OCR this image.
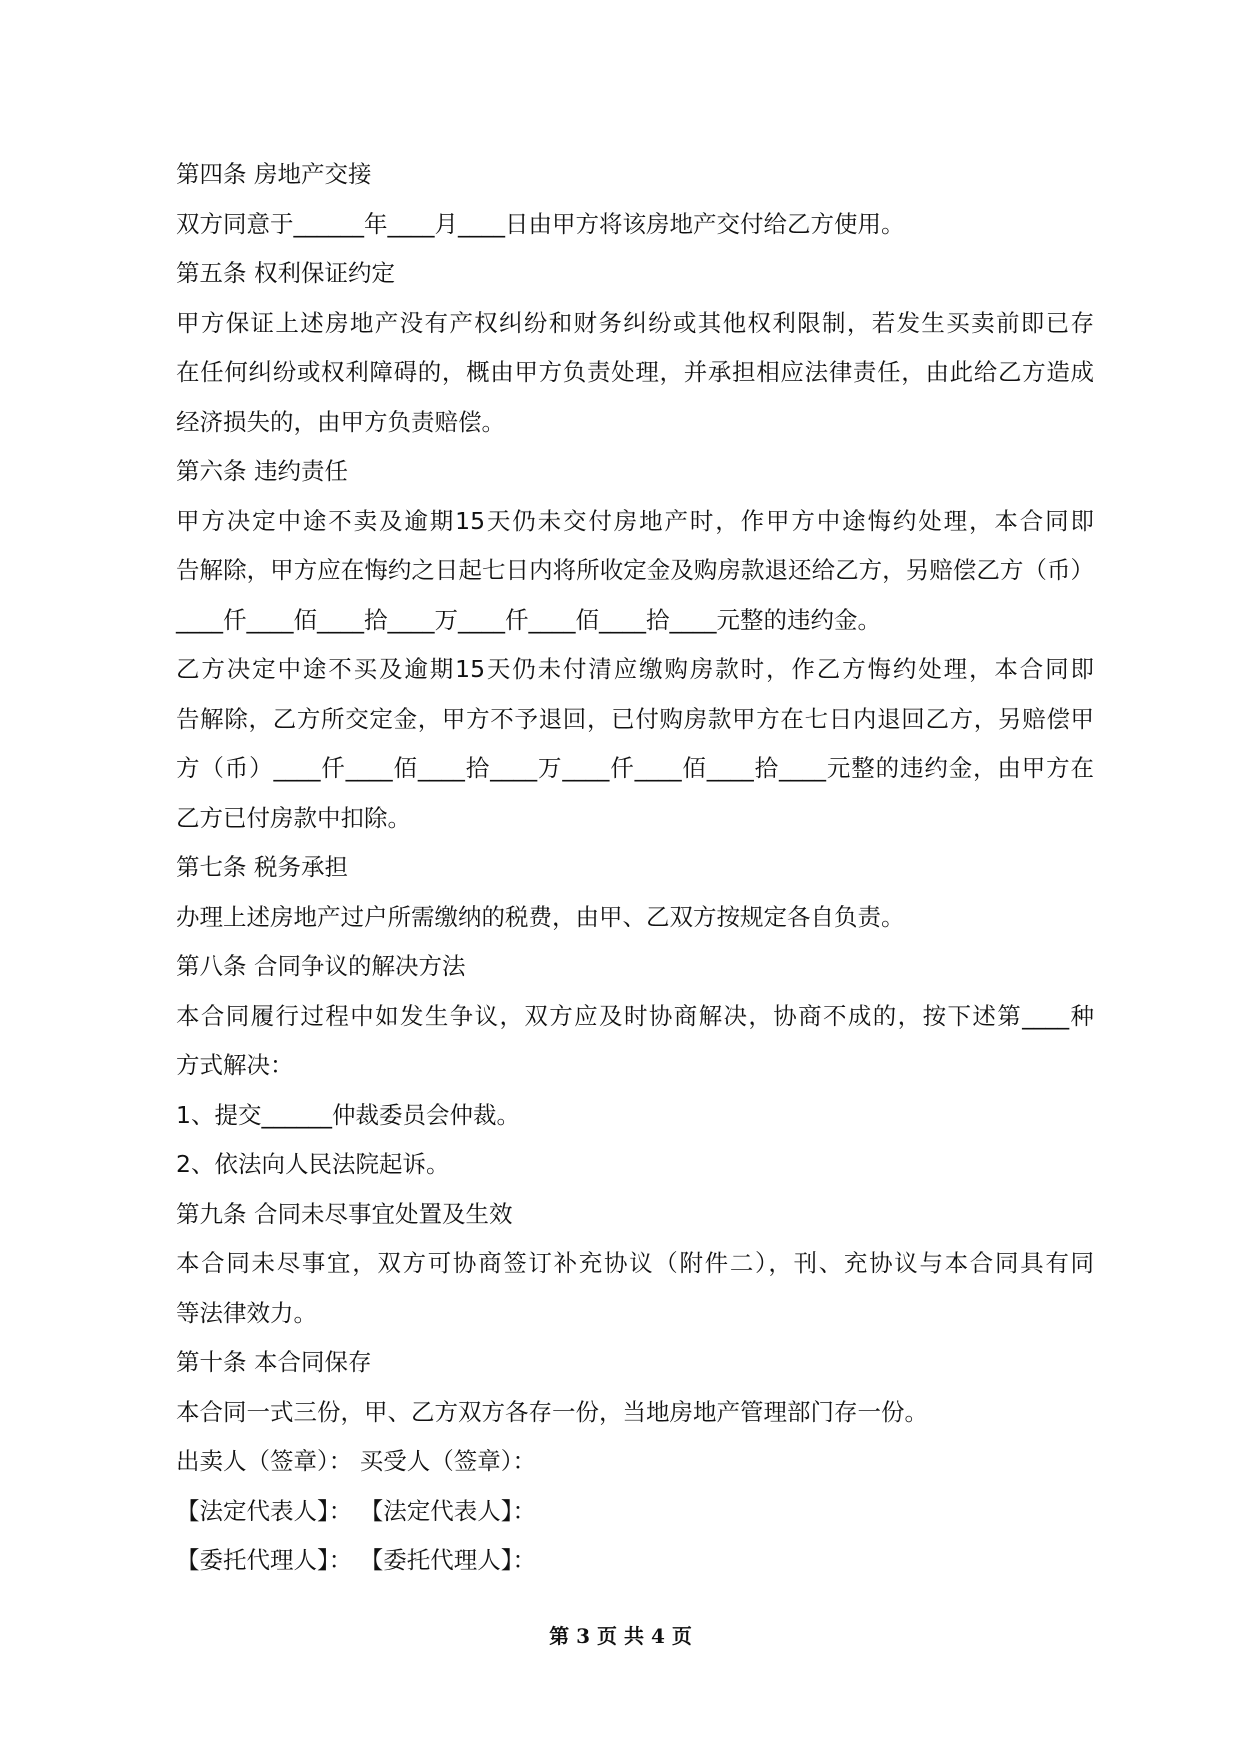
第四条 房地产交接
双方同意于______年____月____日由甲方将该房地产交付给乙方使用。
第五条 权利保证约定
甲方保证上述房地产没有产权纠纷和财务纠纷或其他权利限制，若发生买卖前即已存
在任何纠纷或权利障碍的，概由甲方负责处理，并承担相应法律责任，由此给乙方造成
经济损失的，由甲方负责赔偿。
第六条 违约责任
甲方决定中途不卖及逾期15天仍未交付房地产时，作甲方中途悔约处理，本合同即
告解除，甲方应在悔约之日起七日内将所收定金及购房款退还给乙方，另赔偿乙方（币）
____仟____佰____拾____万____仟____佰____拾____元整的违约金。
乙方决定中途不买及逾期15天仍未付清应缴购房款时，作乙方悔约处理，本合同即
告解除，乙方所交定金，甲方不予退回，已付购房款甲方在七日内退回乙方，另赔偿甲
方（币）____仟____佰____拾____万____仟____佰____拾____元整的违约金，由甲方在
乙方已付房款中扣除。
第七条 税务承担
办理上述房地产过户所需缴纳的税费，由甲、乙双方按规定各自负责。
第八条 合同争议的解决方法
本合同履行过程中如发生争议，双方应及时协商解决，协商不成的，按下述第____种
方式解决：
1、提交______仲裁委员会仲裁。
2、依法向人民法院起诉。
第九条 合同未尽事宜处置及生效
本合同未尽事宜，双方可协商签订补充协议（附件二），刊、充协议与本合同具有同
等法律效力。
第十条 本合同保存
本合同一式三份，甲、乙方双方各存一份，当地房地产管理部门存一份。
出卖人（签章）： 买受人（签章）：
【法定代表人】： 【法定代表人】：
【委托代理人】： 【委托代理人】：
第 3 页 共 4 页
